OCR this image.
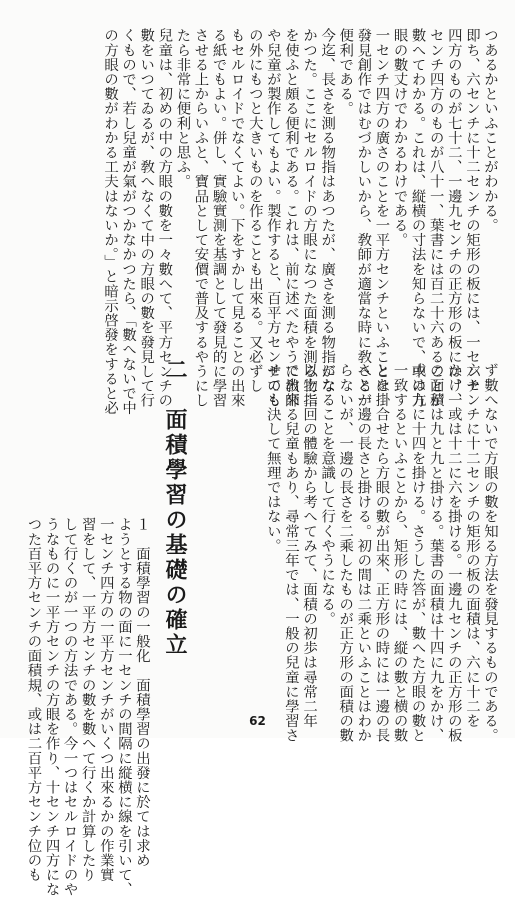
つあるかといふことがわかる。
即ち、六センチに十二センチの矩形の板には、一センチ
四方のものが七十二、一邊九センチの正方形の板には、一
センチ四方のものが八十一、葉書には百二十六あることが
數へてわかる。これは、縦横の寸法を知らないで、中の方
眼の數丈けでわかるわけである。
一センチ四方の廣さのことを一平方センチといふことは
發見創作ではむづかしいから、敎師が適當な時に敎へるが
便利である。
今迄、長さを測る物指はあつたが、廣さを測る物指がな
かつた。ここにセルロイドの方眼になつた面積を測る物指
を使ふと頗る便利である。これは、前に述べたやうに敎師
や兒童が製作してもよい。製作すると、百平方センチのも
の外にもつと大きいものを作ることも出來る。又必ずし
もセルロイドでなくてよい。下をすかして見ることの出來
る紙でもよい。併し、實驗實測を基調として發見的に學習
させる上からいふと、寶品として安價で普及するやうにし
たら非常に便利と思ふ。
兒童は、初めの中の方眼の數を一々數へて、平方センチの
數をいつてゐるが、敎へなくて中の方眼の數を發見して行
くもので、若し兒童が氣がつかなかつたら、「數へないで中
の方眼の數がわかる工夫はないか。」と暗示啓發をすると必
ず數へないで方眼の數を知る方法を發見するものである。
六センチに十二センチの矩形の板の面積は、六に十二を
かけ、或は十二に六を掛ける。一邊九センチの正方形の板
の面積は九と九と掛ける。葉書の面積は十四に九をかけ、
或は九に十四を掛ける。さうした答が、數へた方眼の數と
一致するといふことから、矩形の時には、縦の數と横の數
とを掛合せたら方眼の數が出來、正方形の時には一邊の長
さと一邊の長さと掛ける。初の間は二乘といふことはわか
らないが、一邊の長さを二乘したものが正方形の面積の數
になることを意識して行くやうになる。
以上二回の體驗から考へてみて、面積の初歩は尋常二年
で出來る兒童もあり、尋常三年では、一般の兒童に學習さ
せても決して無理ではない。
二　面積學習の基礎の確立
１　面積學習の一般化　面積學習の出發に於ては求め
ようとする物の面に一センチの間隔に縦横に線を引いて、
一センチ四方の一平方センチがいくつ出來るかの作業實
習をして、一平方センチの數を數へて行くか計算したり
して行くのが一つの方法である。今一つはセルロイドのや
うなものに一平方センチの方眼を作り、十センチ四方にな
つた百平方センチの面積規、或は二百平方センチ位のも	62
